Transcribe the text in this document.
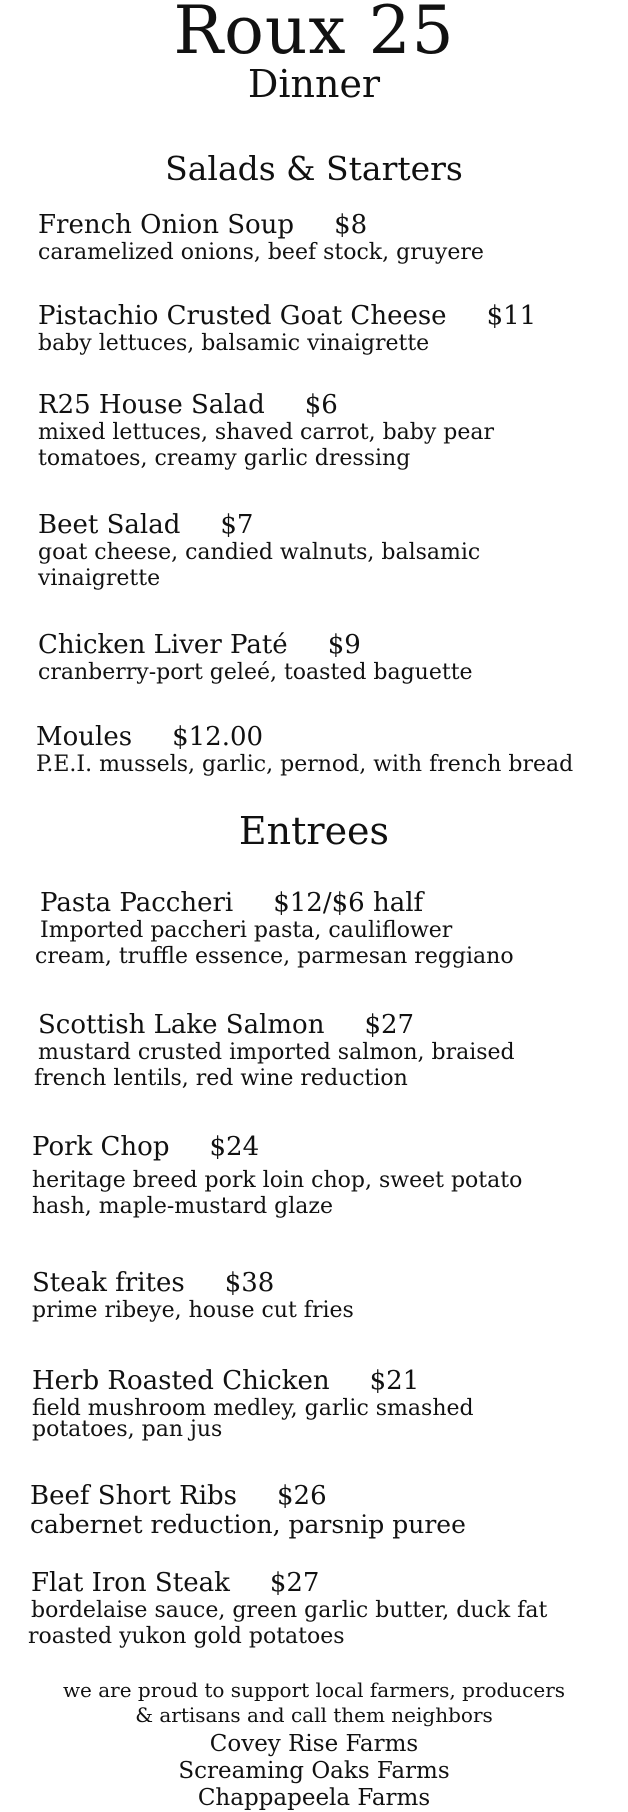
Roux 25
Dinner
Salads & Starters
French Onion Soup $8
caramelized onions, beef stock, gruyere
Pistachio Crusted Goat Cheese $11
baby lettuces, balsamic vinaigrette
R25 House Salad $6
mixed lettuces, shaved carrot, baby pear
tomatoes, creamy garlic dressing
Beet Salad $7
goat cheese, candied walnuts, balsamic
vinaigrette
Chicken Liver Paté $9
cranberry-port geleé, toasted baguette
Moules $12.00
P.E.I. mussels, garlic, pernod, with french bread
Entrees
Pasta Paccheri $12/$6 half
Imported paccheri pasta, cauliflower
cream, truffle essence, parmesan reggiano
Scottish Lake Salmon $27
mustard crusted imported salmon, braised
french lentils, red wine reduction
Pork Chop $24
heritage breed pork loin chop, sweet potato
hash, maple-mustard glaze
Steak frites $38
prime ribeye, house cut fries
Herb Roasted Chicken $21
field mushroom medley, garlic smashed
potatoes, pan jus
Beef Short Ribs $26
cabernet reduction, parsnip puree
Flat Iron Steak $27
bordelaise sauce, green garlic butter, duck fat
roasted yukon gold potatoes
we are proud to support local farmers, producers
& artisans and call them neighbors
Covey Rise Farms
Screaming Oaks Farms
Chappapeela Farms
